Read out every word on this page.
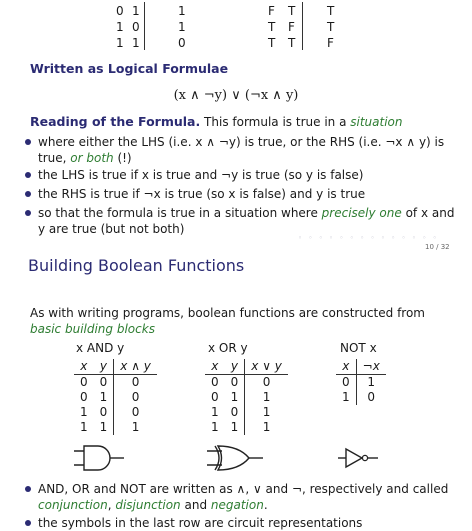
0 1	1	F T	T
1 0	1	T F	T
1 1	0	T T	F
Written as Logical Formulae
(x ∧ ¬y) ∨ (¬x ∧ y)
Reading of the Formula. This formula is true in a situation
where either the LHS (i.e. x ∧ ¬y) is true, or the RHS (i.e. ¬x ∧ y) is true, or both (!)
the LHS is true if x is true and ¬y is true (so y is false)
the RHS is true if ¬x is true (so x is false) and y is true
so that the formula is true in a situation where precisely one of x and y are true (but not both)
◦ ◦ ◦ ◦ ◦ ◦ ◦ ◦ ◦ ◦ ◦ ◦ ◦ ◦
10 / 32
Building Boolean Functions
As with writing programs, boolean functions are constructed from basic building blocks
x AND y
x	y	x ∧ y
0	0	0
0	1	0
1	0	0
1	1	1
x OR y
x	y	x ∨ y
0	0	0
0	1	1
1	0	1
1	1	1
NOT x
x	¬x
0	1
1	0
AND, OR and NOT are written as ∧, ∨ and ¬, respectively and called conjunction, disjunction and negation.
the symbols in the last row are circuit representations
